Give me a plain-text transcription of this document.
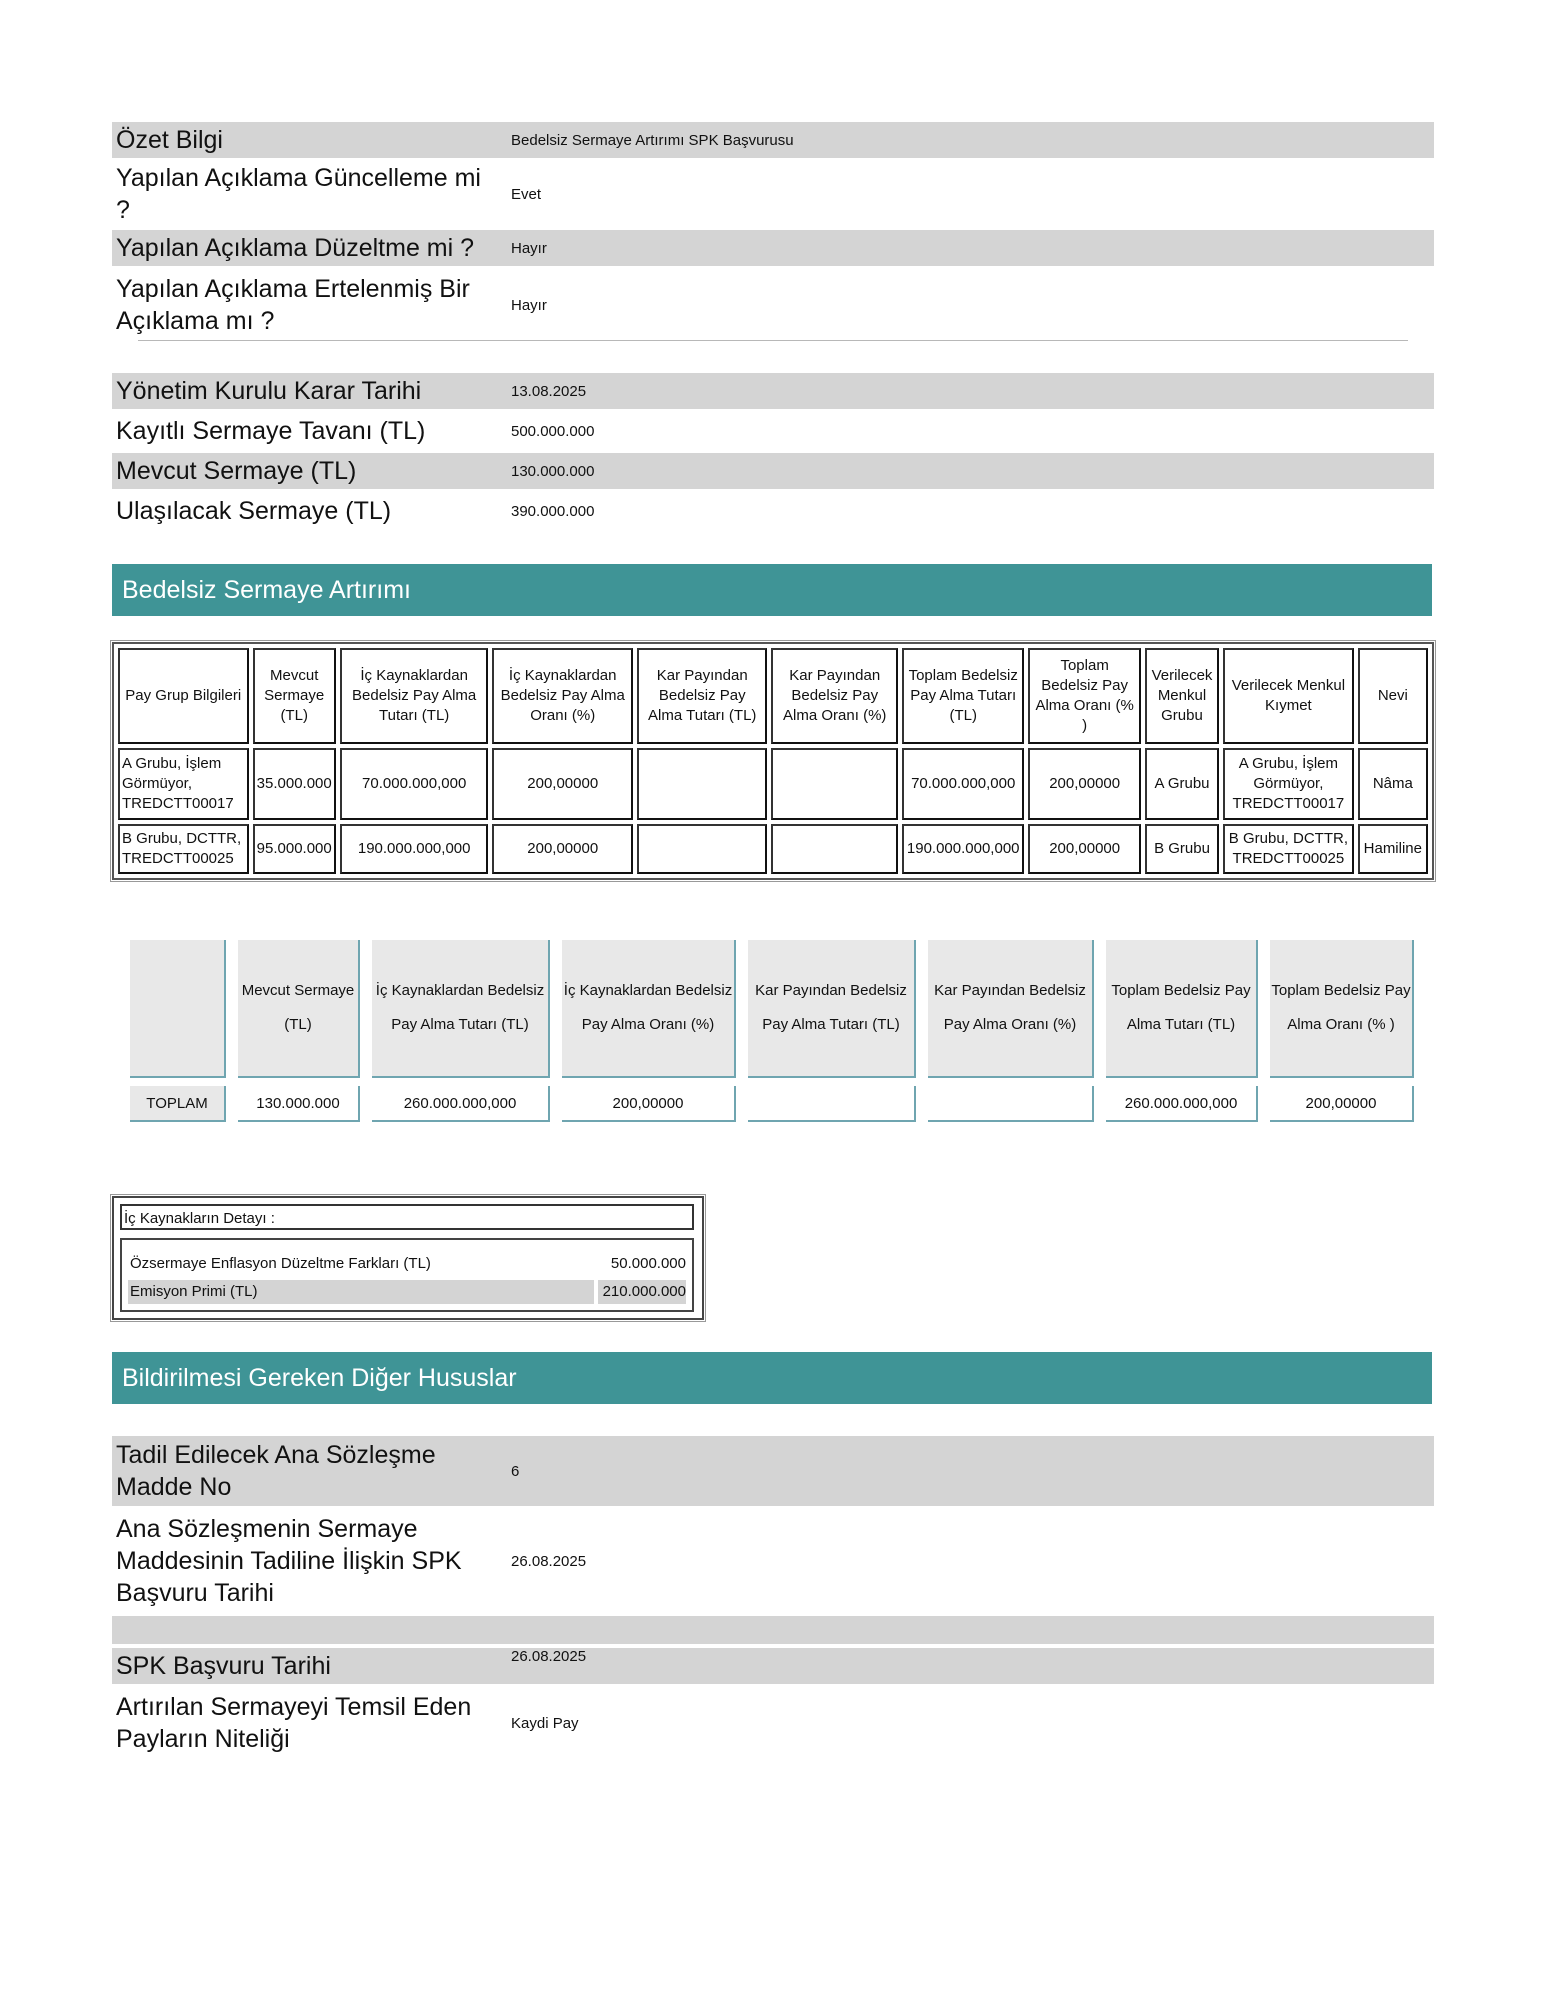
Özet Bilgi	Bedelsiz Sermaye Artırımı SPK Başvurusu
Yapılan Açıklama Güncelleme mi ?	Evet
Yapılan Açıklama Düzeltme mi ?	Hayır
Yapılan Açıklama Ertelenmiş Bir Açıklama mı ?	Hayır
Yönetim Kurulu Karar Tarihi	13.08.2025
Kayıtlı Sermaye Tavanı (TL)	500.000.000
Mevcut Sermaye (TL)	130.000.000
Ulaşılacak Sermaye (TL)	390.000.000
Bedelsiz Sermaye Artırımı
Pay Grup Bilgileri	Mevcut Sermaye (TL)	İç Kaynaklardan Bedelsiz Pay Alma Tutarı (TL)	İç Kaynaklardan Bedelsiz Pay Alma Oranı (%)	Kar Payından Bedelsiz Pay Alma Tutarı (TL)	Kar Payından Bedelsiz Pay Alma Oranı (%)	Toplam Bedelsiz Pay Alma Tutarı (TL)	Toplam Bedelsiz Pay Alma Oranı (% )	Verilecek Menkul Grubu	Verilecek Menkul Kıymet	Nevi
A Grubu, İşlem Görmüyor, TREDCTT00017	35.000.000	70.000.000,000	200,00000			70.000.000,000	200,00000	A Grubu	A Grubu, İşlem Görmüyor, TREDCTT00017	Nâma
B Grubu, DCTTR, TREDCTT00025	95.000.000	190.000.000,000	200,00000			190.000.000,000	200,00000	B Grubu	B Grubu, DCTTR, TREDCTT00025	Hamiline
	Mevcut Sermaye (TL)	İç Kaynaklardan Bedelsiz Pay Alma Tutarı (TL)	İç Kaynaklardan Bedelsiz Pay Alma Oranı (%)	Kar Payından Bedelsiz Pay Alma Tutarı (TL)	Kar Payından Bedelsiz Pay Alma Oranı (%)	Toplam Bedelsiz Pay Alma Tutarı (TL)	Toplam Bedelsiz Pay Alma Oranı (% )
TOPLAM	130.000.000	260.000.000,000	200,00000			260.000.000,000	200,00000
İç Kaynakların Detayı :
Özsermaye Enflasyon Düzeltme Farkları (TL)	50.000.000
Emisyon Primi (TL)	210.000.000
Bildirilmesi Gereken Diğer Hususlar
Tadil Edilecek Ana Sözleşme Madde No	6
Ana Sözleşmenin Sermaye Maddesinin Tadiline İlişkin SPK Başvuru Tarihi	26.08.2025

SPK Başvuru Tarihi	26.08.2025
Artırılan Sermayeyi Temsil Eden Payların Niteliği	Kaydi Pay
